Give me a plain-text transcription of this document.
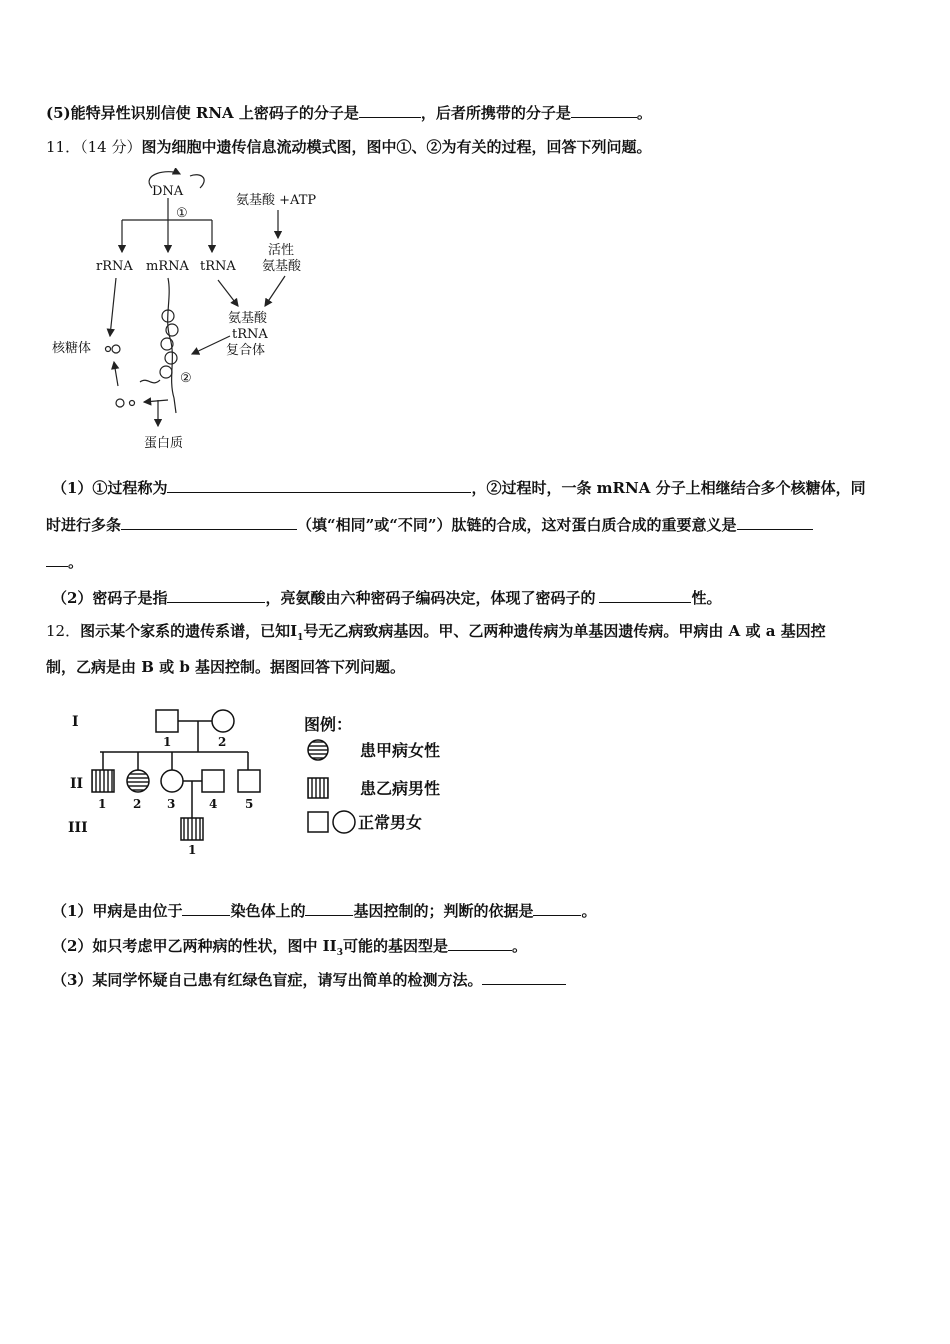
(5)能特异性识别信使 RNA 上密码子的分子是	，后者所携带的分子是	。
11．（14 分）图为细胞中遗传信息流动模式图，图中①、②为有关的过程，回答下列问题。
DNA
①
氨基酸 +ATP
活性
氨基酸
rRNA mRNA tRNA
氨基酸
tRNA
复合体
核糖体
②
蛋白质
（1）①过程称为	，②过程时，一条 mRNA 分子上相继结合多个核糖体，同
时进行多条	（填“相同”或“不同”）肽链的合成，这对蛋白质合成的重要意义是
。
（2）密码子是指	，亮氨酸由六种密码子编码决定，体现了密码子的	性。
12．图示某个家系的遗传系谱，已知$Ⅰ_1$号无乙病致病基因。甲、乙两种遗传病为单基因遗传病。甲病由 A 或 a 基因控
制，乙病是由 B 或 b 基因控制。据图回答下列问题。
I
II
III
1	2
1 2 3	4 5
1
图例：
患甲病女性
患乙病男性
正常男女
（1）甲病是由位于	染色体上的	基因控制的；判断的依据是	。
（2）如只考虑甲乙两种病的性状，图中 $II_3$可能的基因型是	。
（3）某同学怀疑自己患有红绿色盲症，请写出简单的检测方法。
